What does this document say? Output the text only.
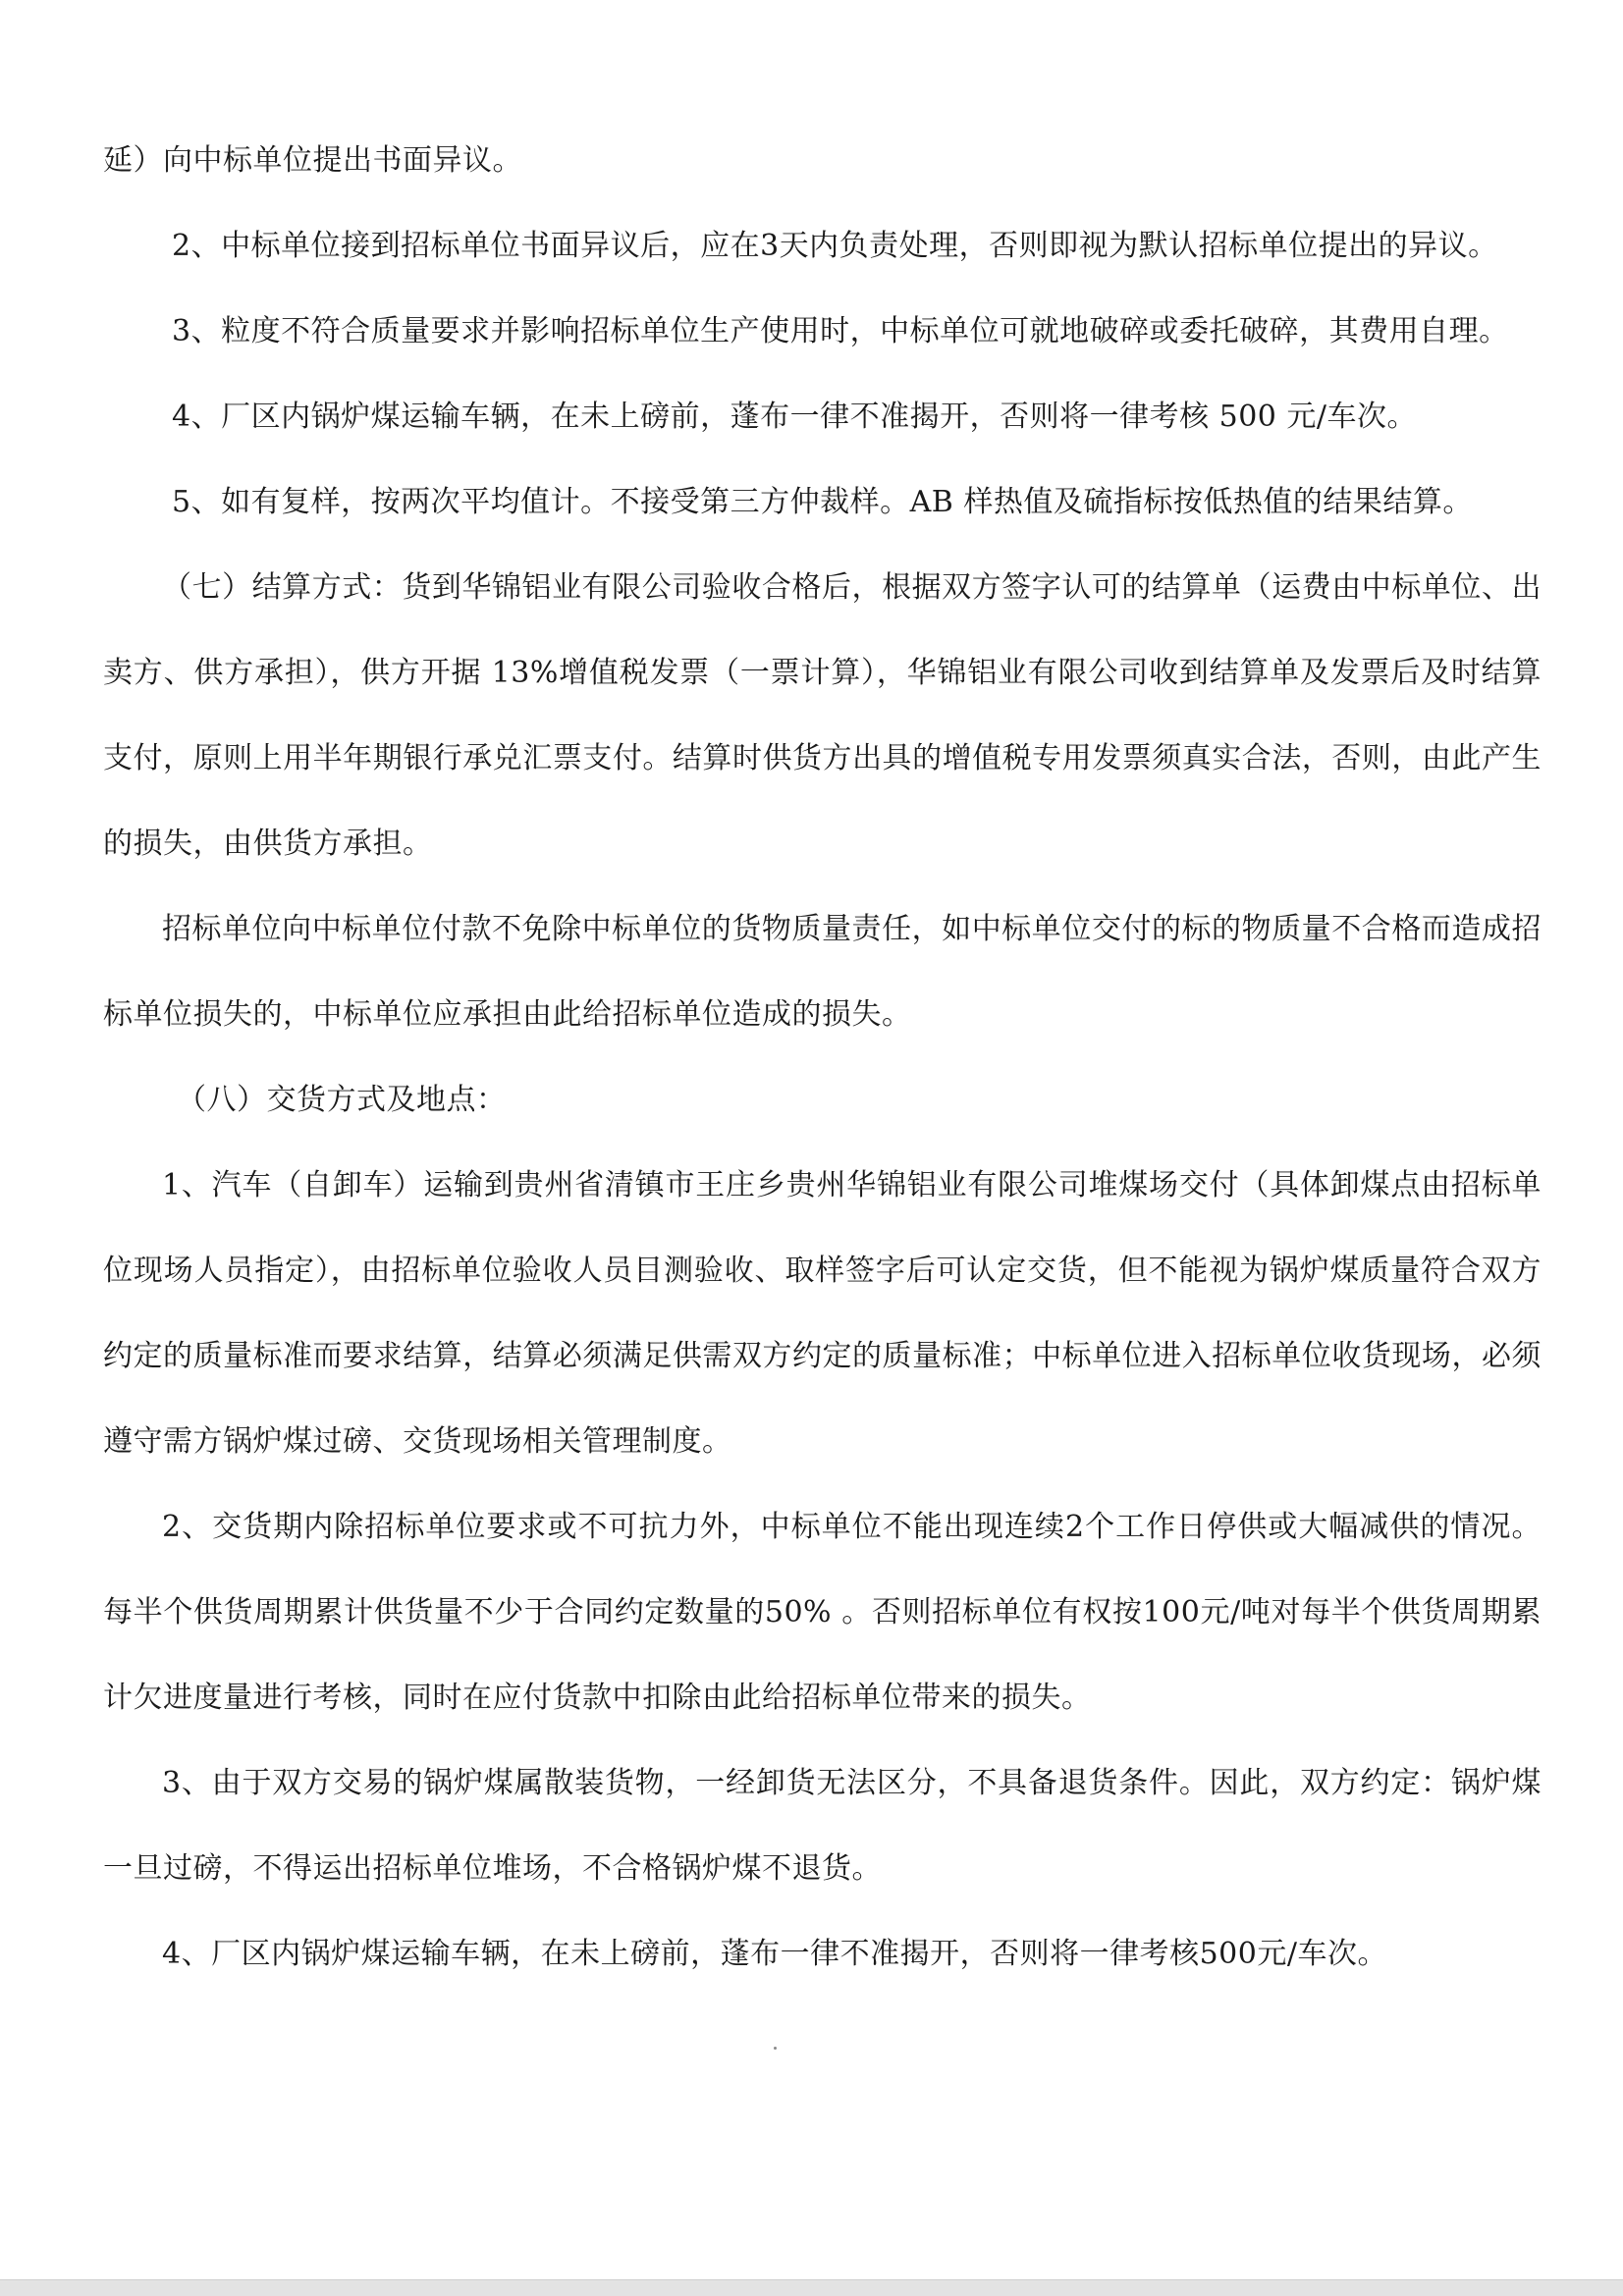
延）向中标单位提出书面异议。

2、中标单位接到招标单位书面异议后，应在3天内负责处理，否则即视为默认招标单位提出的异议。

3、粒度不符合质量要求并影响招标单位生产使用时，中标单位可就地破碎或委托破碎，其费用自理。

4、厂区内锅炉煤运输车辆，在未上磅前，蓬布一律不准揭开，否则将一律考核 500 元/车次。

5、如有复样，按两次平均值计。不接受第三方仲裁样。AB 样热值及硫指标按低热值的结果结算。

（七）结算方式：货到华锦铝业有限公司验收合格后，根据双方签字认可的结算单（运费由中标单位、出卖方、供方承担），供方开据 13%增值税发票（一票计算），华锦铝业有限公司收到结算单及发票后及时结算支付，原则上用半年期银行承兑汇票支付。结算时供货方出具的增值税专用发票须真实合法，否则，由此产生的损失，由供货方承担。

招标单位向中标单位付款不免除中标单位的货物质量责任，如中标单位交付的标的物质量不合格而造成招标单位损失的，中标单位应承担由此给招标单位造成的损失。

（八）交货方式及地点：

1、汽车（自卸车）运输到贵州省清镇市王庄乡贵州华锦铝业有限公司堆煤场交付（具体卸煤点由招标单位现场人员指定），由招标单位验收人员目测验收、取样签字后可认定交货，但不能视为锅炉煤质量符合双方约定的质量标准而要求结算，结算必须满足供需双方约定的质量标准；中标单位进入招标单位收货现场，必须遵守需方锅炉煤过磅、交货现场相关管理制度。

2、交货期内除招标单位要求或不可抗力外，中标单位不能出现连续2个工作日停供或大幅减供的情况。每半个供货周期累计供货量不少于合同约定数量的50% 。否则招标单位有权按100元/吨对每半个供货周期累计欠进度量进行考核，同时在应付货款中扣除由此给招标单位带来的损失。

3、由于双方交易的锅炉煤属散装货物，一经卸货无法区分，不具备退货条件。因此，双方约定：锅炉煤一旦过磅，不得运出招标单位堆场，不合格锅炉煤不退货。

4、厂区内锅炉煤运输车辆，在未上磅前，蓬布一律不准揭开，否则将一律考核500元/车次。
